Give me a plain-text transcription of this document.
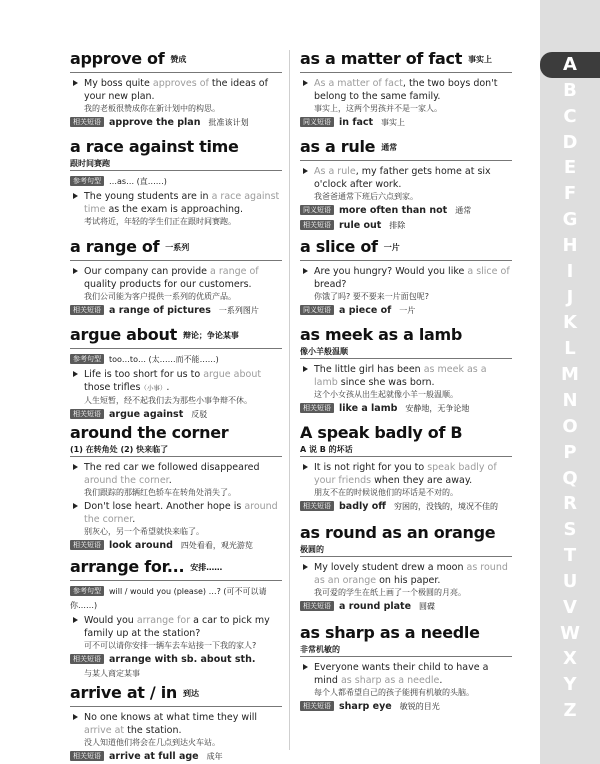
A
B
C
D
E
F
G
H
I
J
K
L
M
N
O
P
Q
R
S
T
U
V
W
X
Y
Z
approve of 赞成
My boss quite approves of the ideas of your new plan.
我的老板很赞成你在新计划中的构思。
相关短语 approve the plan 批准该计划
a race against time
跟时间赛跑
参考句型 …as… (直……)
The young students are in a race against time as the exam is approaching.
考试将近，年轻的学生们正在跟时间赛跑。
a range of 一系列
Our company can provide a range of quality products for our customers.
我们公司能为客户提供一系列的优质产品。
相关短语 a range of pictures 一系列图片
argue about 辩论；争论某事
参考句型 too…to… (太……而不能……)
Life is too short for us to argue about those trifles（小事）.
人生短暂，经不起我们去为那些小事争辩不休。
相关短语 argue against 反驳
around the corner
(1) 在转角处 (2) 快来临了
The red car we followed disappeared around the corner.
我们跟踪的那辆红色轿车在转角处消失了。
Don't lose heart. Another hope is around the corner.
别灰心，另一个希望就快来临了。
相关短语 look around 四处看看，观光游览
arrange for... 安排……
参考句型 will / would you (please) …? (可不可以请你……)
Would you arrange for a car to pick my family up at the station?
可不可以请你安排一辆车去车站接一下我的家人?
相关短语 arrange with sb. about sth.
与某人商定某事
arrive at / in 到达
No one knows at what time they will arrive at the station.
没人知道他们将会在几点到达火车站。
相关短语 arrive at full age 成年
as a matter of fact 事实上
As a matter of fact, the two boys don't belong to the same family.
事实上，这两个男孩并不是一家人。
同义短语 in fact 事实上
as a rule 通常
As a rule, my father gets home at six o'clock after work.
我爸爸通常下班后六点到家。
同义短语 more often than not 通常
相关短语 rule out 排除
a slice of 一片
Are you hungry? Would you like a slice of bread?
你饿了吗? 要不要来一片面包呢?
同义短语 a piece of 一片
as meek as a lamb
像小羊般温顺
The little girl has been as meek as a lamb since she was born.
这个小女孩从出生起就像小羊一般温顺。
相关短语 like a lamb 安静地，无争论地
A speak badly of B
A 说 B 的坏话
It is not right for you to speak badly of your friends when they are away.
朋友不在的时候说他们的坏话是不对的。
相关短语 badly off 穷困的，没钱的，境况不佳的
as round as an orange
极圆的
My lovely student drew a moon as round as an orange on his paper.
我可爱的学生在纸上画了一个极圆的月亮。
相关短语 a round plate 圆碟
as sharp as a needle
非常机敏的
Everyone wants their child to have a mind as sharp as a needle.
每个人都希望自己的孩子能拥有机敏的头脑。
相关短语 sharp eye 敏锐的目光
